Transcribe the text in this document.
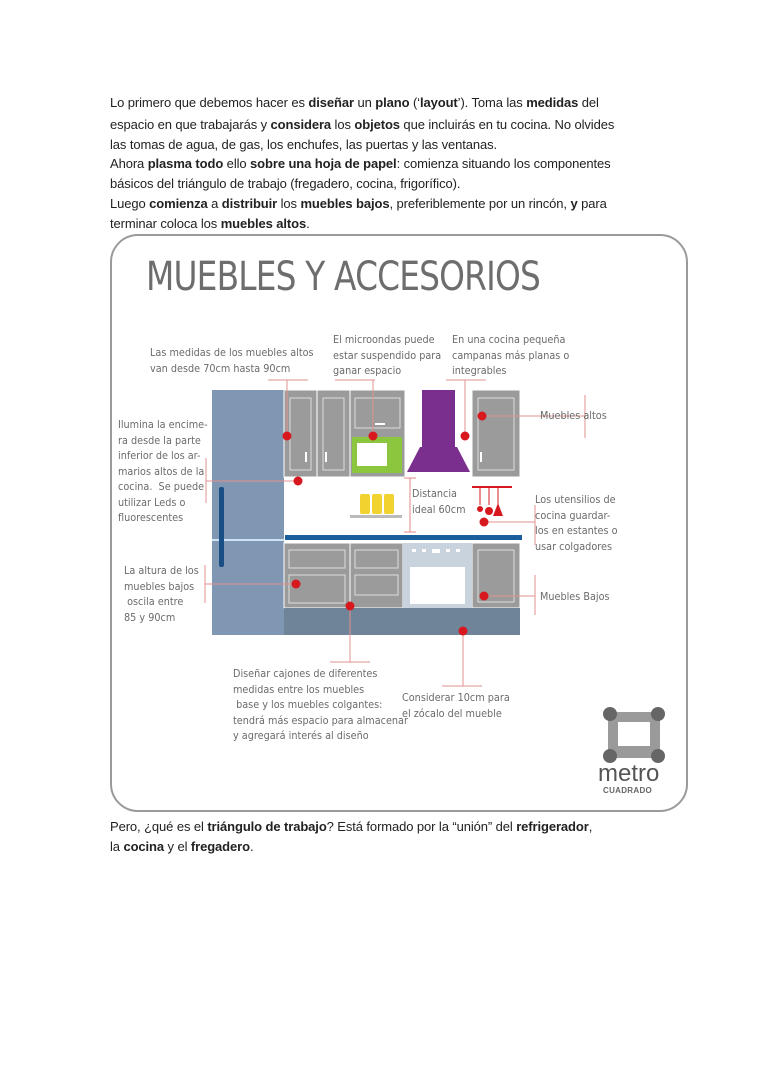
Lo primero que debemos hacer es diseñar un plano (‘layout’). Toma las medidas del
espacio en que trabajarás y considera los objetos que incluirás en tu cocina. No olvides
las tomas de agua, de gas, los enchufes, las puertas y las ventanas.
Ahora plasma todo ello sobre una hoja de papel: comienza situando los componentes
básicos del triángulo de trabajo (fregadero, cocina, frigorífico).
Luego comienza a distribuir los muebles bajos, preferiblemente por un rincón, y para
terminar coloca los muebles altos.
MUEBLES Y ACCESORIOS
Las medidas de los muebles altos
van desde 70cm hasta 90cm
El microondas puede
estar suspendido para
ganar espacio
En una cocina pequeña
campanas más planas o
integrables
Ilumina la encime-
ra desde la parte
inferior de los ar-
marios altos de la
cocina.  Se puede
utilizar Leds o
fluorescentes
Muebles altos
Distancia
ideal 60cm
Los utensilios de
cocina guardar-
los en estantes o
usar colgadores
La altura de los
muebles bajos
oscila entre
85 y 90cm
Muebles Bajos
Diseñar cajones de diferentes
medidas entre los muebles
base y los muebles colgantes:
tendrá más espacio para almacenar
y agregará interés al diseño
Considerar 10cm para
el zócalo del mueble
metro
CUADRADO
Pero, ¿qué es el triángulo de trabajo? Está formado por la “unión” del refrigerador,
la cocina y el fregadero.
